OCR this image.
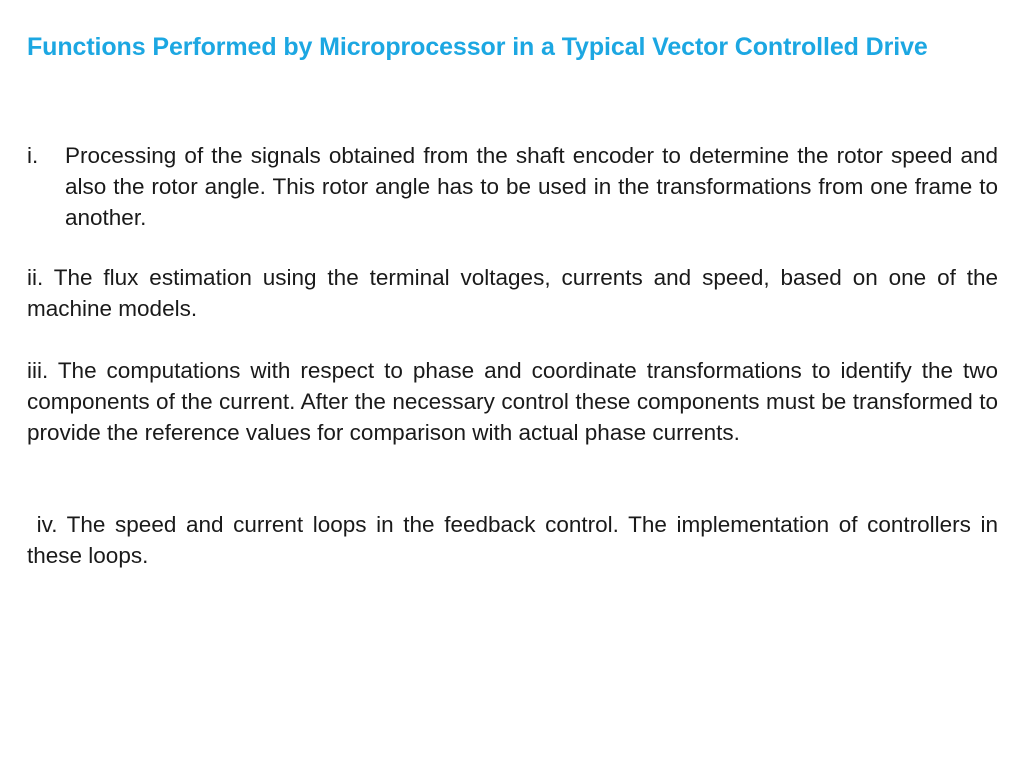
Functions Performed by Microprocessor in a Typical Vector Controlled Drive
i.	Processing of the signals obtained from the shaft encoder to determine the rotor speed and also the rotor angle. This rotor angle has to be used in the transformations from one frame to another.

ii. The flux estimation using the terminal voltages, currents and speed, based on one of the machine models.

iii. The computations with respect to phase and coordinate transformations to identify the two components of the current. After the necessary control these components must be transformed to provide the reference values for comparison with actual phase currents.

iv. The speed and current loops in the feedback control. The implementation of controllers in these loops.
